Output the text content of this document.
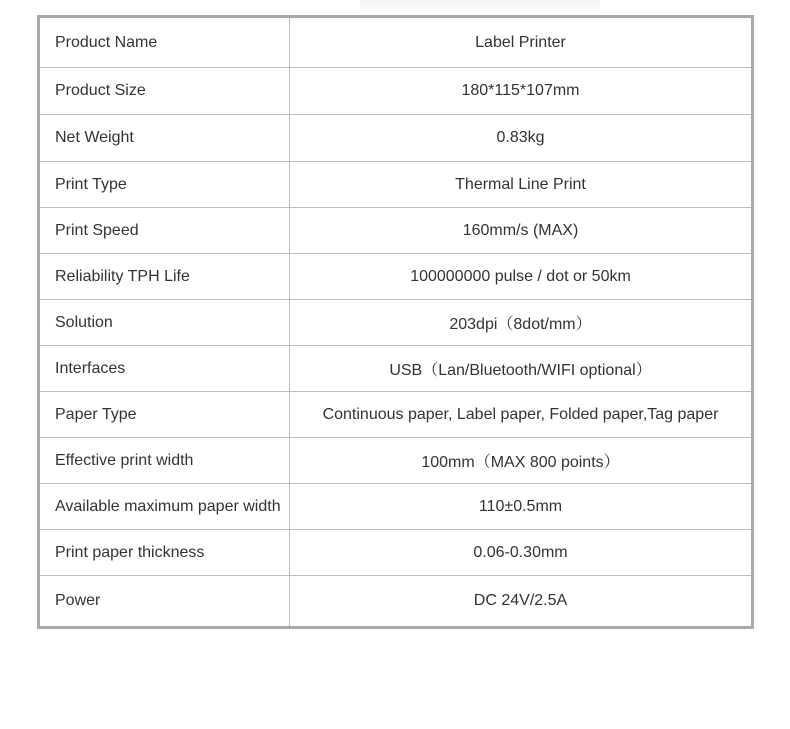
Product Name	Label Printer
Product Size	180*115*107mm
Net Weight	0.83kg
Print Type	Thermal Line Print
Print Speed	160mm/s (MAX)
Reliability TPH Life	100000000 pulse / dot or 50km
Solution	203dpi（8dot/mm）
Interfaces	USB（Lan/Bluetooth/WIFI optional）
Paper Type	Continuous paper, Label paper, Folded paper,Tag paper
Effective print width	100mm（MAX 800 points）
Available maximum paper width	110±0.5mm
Print paper thickness	0.06-0.30mm
Power	DC 24V/2.5A
